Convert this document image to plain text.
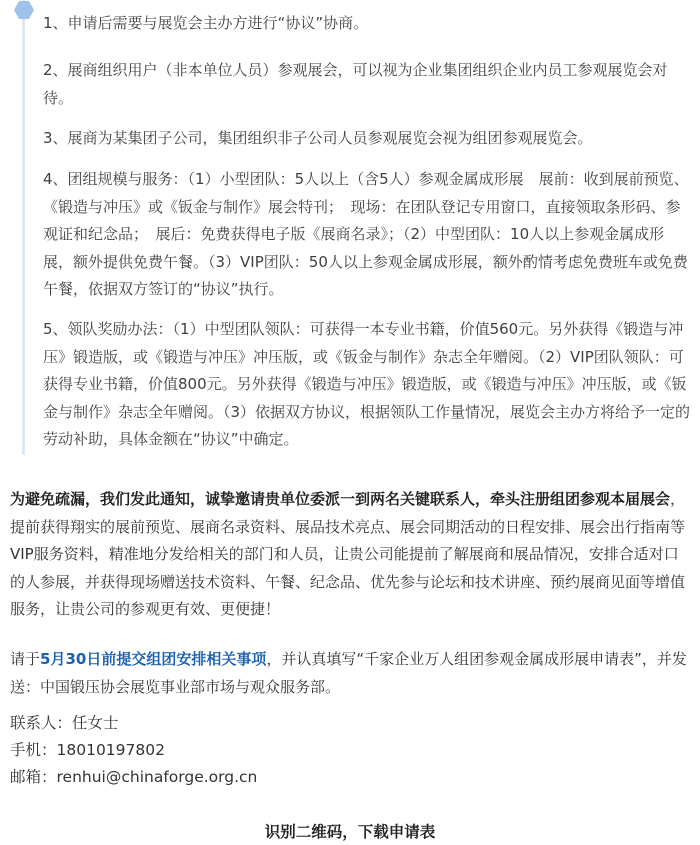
1、申请后需要与展览会主办方进行“协议”协商。

2、展商组织用户（非本单位人员）参观展会，可以视为企业集团组织企业内员工参观展览会对待。

3、展商为某集团子公司，集团组织非子公司人员参观展览会视为组团参观展览会。

4、团组规模与服务：（1）小型团队：5人以上（含5人）参观金属成形展　展前：收到展前预览、《锻造与冲压》或《钣金与制作》展会特刊；　现场：在团队登记专用窗口，直接领取条形码、参观证和纪念品；　展后：免费获得电子版《展商名录》；（2）中型团队：10人以上参观金属成形展，额外提供免费午餐。（3）VIP团队：50人以上参观金属成形展，额外酌情考虑免费班车或免费午餐，依据双方签订的“协议”执行。

5、领队奖励办法：（1）中型团队领队：可获得一本专业书籍，价值560元。另外获得《锻造与冲压》锻造版，或《锻造与冲压》冲压版，或《钣金与制作》杂志全年赠阅。（2）VIP团队领队：可获得专业书籍，价值800元。另外获得《锻造与冲压》锻造版，或《锻造与冲压》冲压版，或《钣金与制作》杂志全年赠阅。（3）依据双方协议，根据领队工作量情况，展览会主办方将给予一定的劳动补助，具体金额在“协议”中确定。

为避免疏漏，我们发此通知，诚挚邀请贵单位委派一到两名关键联系人，牵头注册组团参观本届展会，提前获得翔实的展前预览、展商名录资料、展品技术亮点、展会同期活动的日程安排、展会出行指南等VIP服务资料，精准地分发给相关的部门和人员，让贵公司能提前了解展商和展品情况，安排合适对口的人参展，并获得现场赠送技术资料、午餐、纪念品、优先参与论坛和技术讲座、预约展商见面等增值服务，让贵公司的参观更有效、更便捷！

请于5月30日前提交组团安排相关事项，并认真填写“千家企业万人组团参观金属成形展申请表”，并发送：中国锻压协会展览事业部市场与观众服务部。

联系人：任女士

手机：18010197802

邮箱：renhui@chinaforge.org.cn

识别二维码，下载申请表
